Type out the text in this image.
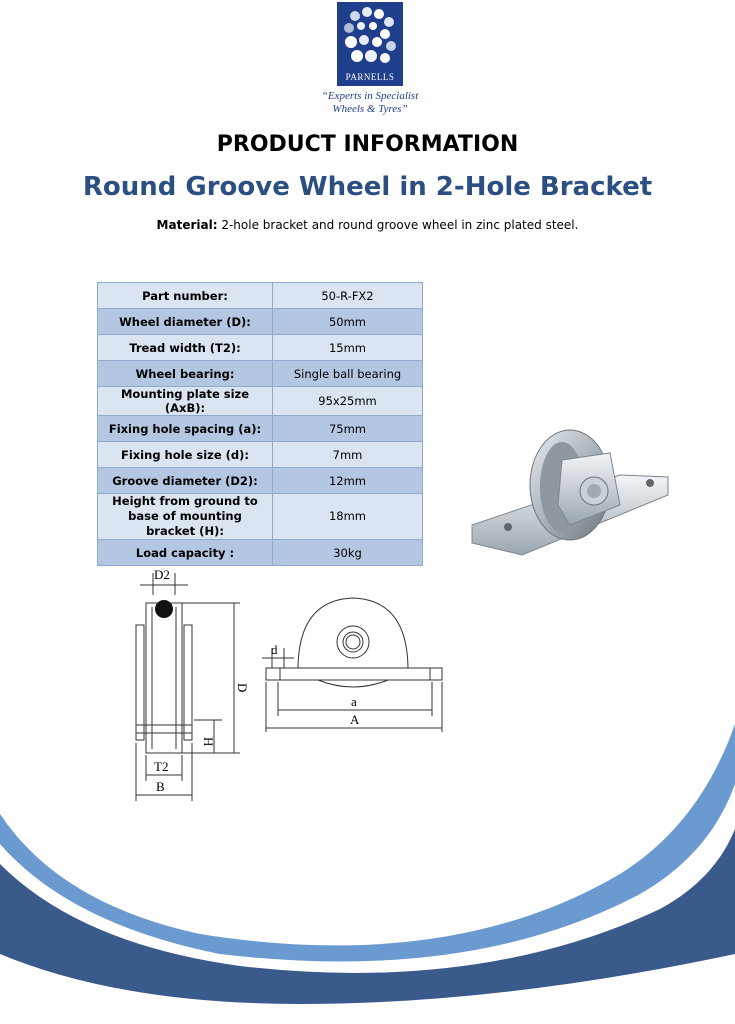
PARNELLS
“Experts in Specialist
Wheels & Tyres”
PRODUCT INFORMATION
Round Groove Wheel in 2-Hole Bracket
Material: 2-hole bracket and round groove wheel in zinc plated steel.
Part number:	50-R-FX2
Wheel diameter (D):	50mm
Tread width (T2):	15mm
Wheel bearing:	Single ball bearing
Mounting plate size (AxB):	95x25mm
Fixing hole spacing (a):	75mm
Fixing hole size (d):	7mm
Groove diameter (D2):	12mm
Height from ground to base of mounting bracket (H):	18mm
Load capacity :	30kg
D2
D
H
T2
B
d
a
A
